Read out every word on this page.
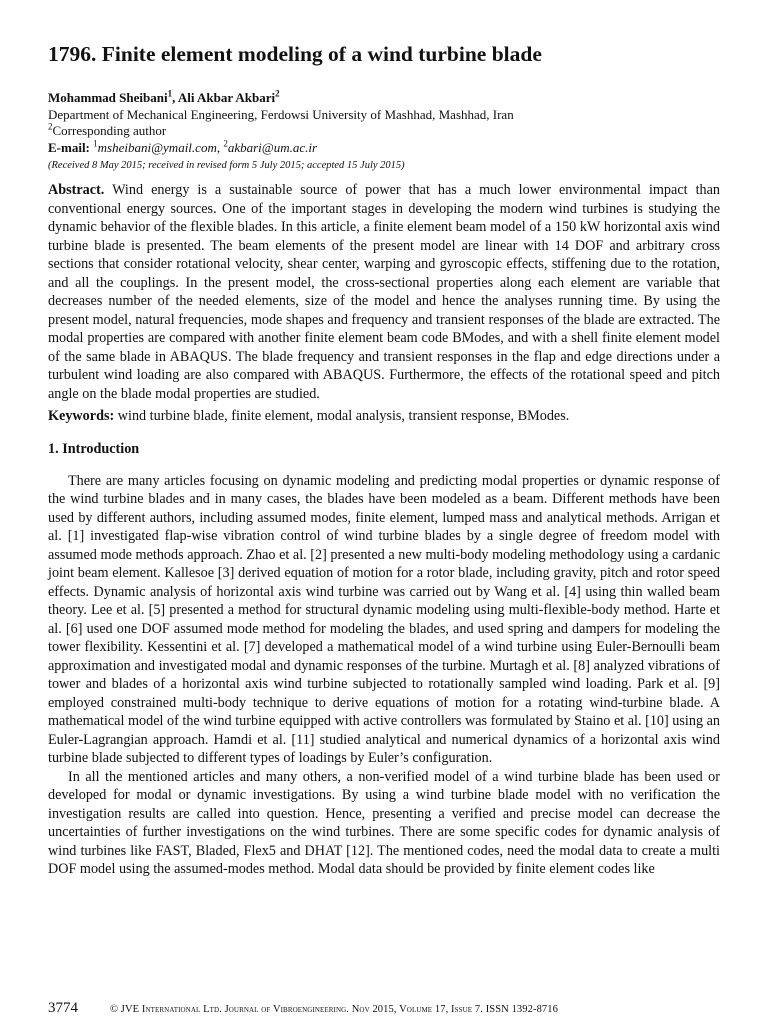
1796. Finite element modeling of a wind turbine blade
Mohammad Sheibani$^1$, Ali Akbar Akbari$^2$
Department of Mechanical Engineering, Ferdowsi University of Mashhad, Mashhad, Iran
$^2$Corresponding author
E-mail: $^1$msheibani@ymail.com, $^2$akbari@um.ac.ir
(Received 8 May 2015; received in revised form 5 July 2015; accepted 15 July 2015)
Abstract. Wind energy is a sustainable source of power that has a much lower environmental impact than conventional energy sources. One of the important stages in developing the modern wind turbines is studying the dynamic behavior of the flexible blades. In this article, a finite element beam model of a 150 kW horizontal axis wind turbine blade is presented. The beam elements of the present model are linear with 14 DOF and arbitrary cross sections that consider rotational velocity, shear center, warping and gyroscopic effects, stiffening due to the rotation, and all the couplings. In the present model, the cross-sectional properties along each element are variable that decreases number of the needed elements, size of the model and hence the analyses running time. By using the present model, natural frequencies, mode shapes and frequency and transient responses of the blade are extracted. The modal properties are compared with another finite element beam code BModes, and with a shell finite element model of the same blade in ABAQUS. The blade frequency and transient responses in the flap and edge directions under a turbulent wind loading are also compared with ABAQUS. Furthermore, the effects of the rotational speed and pitch angle on the blade modal properties are studied.
Keywords: wind turbine blade, finite element, modal analysis, transient response, BModes.
1. Introduction

There are many articles focusing on dynamic modeling and predicting modal properties or dynamic response of the wind turbine blades and in many cases, the blades have been modeled as a beam. Different methods have been used by different authors, including assumed modes, finite element, lumped mass and analytical methods. Arrigan et al. [1] investigated flap-wise vibration control of wind turbine blades by a single degree of freedom model with assumed mode methods approach. Zhao et al. [2] presented a new multi-body modeling methodology using a cardanic joint beam element. Kallesoe [3] derived equation of motion for a rotor blade, including gravity, pitch and rotor speed effects. Dynamic analysis of horizontal axis wind turbine was carried out by Wang et al. [4] using thin walled beam theory. Lee et al. [5] presented a method for structural dynamic modeling using multi-flexible-body method. Harte et al. [6] used one DOF assumed mode method for modeling the blades, and used spring and dampers for modeling the tower flexibility. Kessentini et al. [7] developed a mathematical model of a wind turbine using Euler-Bernoulli beam approximation and investigated modal and dynamic responses of the turbine. Murtagh et al. [8] analyzed vibrations of tower and blades of a horizontal axis wind turbine subjected to rotationally sampled wind loading. Park et al. [9] employed constrained multi-body technique to derive equations of motion for a rotating wind-turbine blade. A mathematical model of the wind turbine equipped with active controllers was formulated by Staino et al. [10] using an Euler-Lagrangian approach. Hamdi et al. [11] studied analytical and numerical dynamics of a horizontal axis wind turbine blade subjected to different types of loadings by Euler’s configuration.

In all the mentioned articles and many others, a non-verified model of a wind turbine blade has been used or developed for modal or dynamic investigations. By using a wind turbine blade model with no verification the investigation results are called into question. Hence, presenting a verified and precise model can decrease the uncertainties of further investigations on the wind turbines. There are some specific codes for dynamic analysis of wind turbines like FAST, Bladed, Flex5 and DHAT [12]. The mentioned codes, need the modal data to create a multi DOF model using the assumed-modes method. Modal data should be provided by finite element codes like

3774	© JVE International Ltd. Journal of Vibroengineering. Nov 2015, Volume 17, Issue 7. ISSN 1392-8716
